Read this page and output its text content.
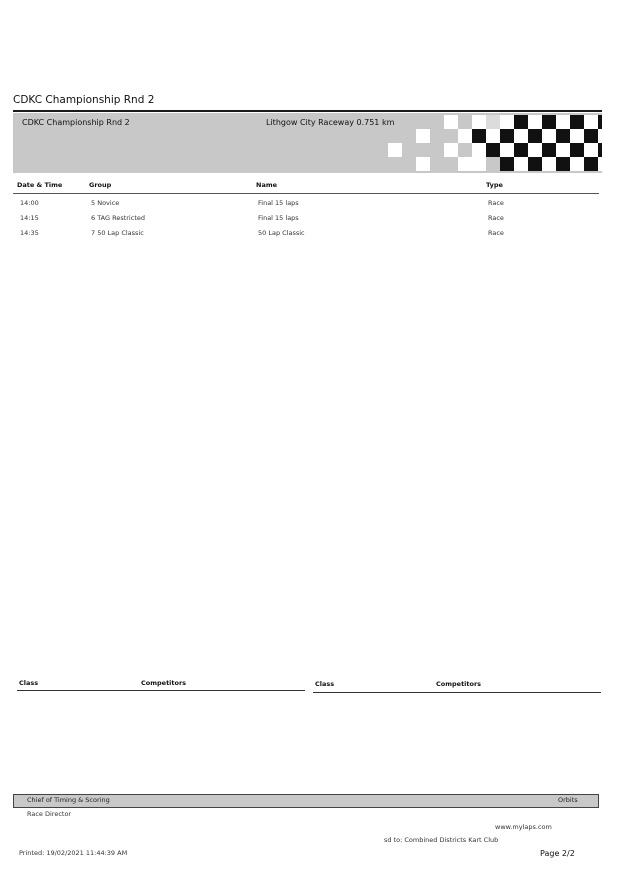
CDKC Championship Rnd 2
CDKC Championship Rnd 2	Lithgow City Raceway 0.751 km
Date & Time	Group	Name	Type
14:00	5 Novice	Final 15 laps	Race
14:15	6 TAG Restricted	Final 15 laps	Race
14:35	7 50 Lap Classic	50 Lap Classic	Race
Class	Competitors	Class	Competitors
Chief of Timing & Scoring	Orbits
Race Director
www.mylaps.com
sd to: Combined Districts Kart Club
Printed: 19/02/2021 11:44:39 AM	Page 2/2
